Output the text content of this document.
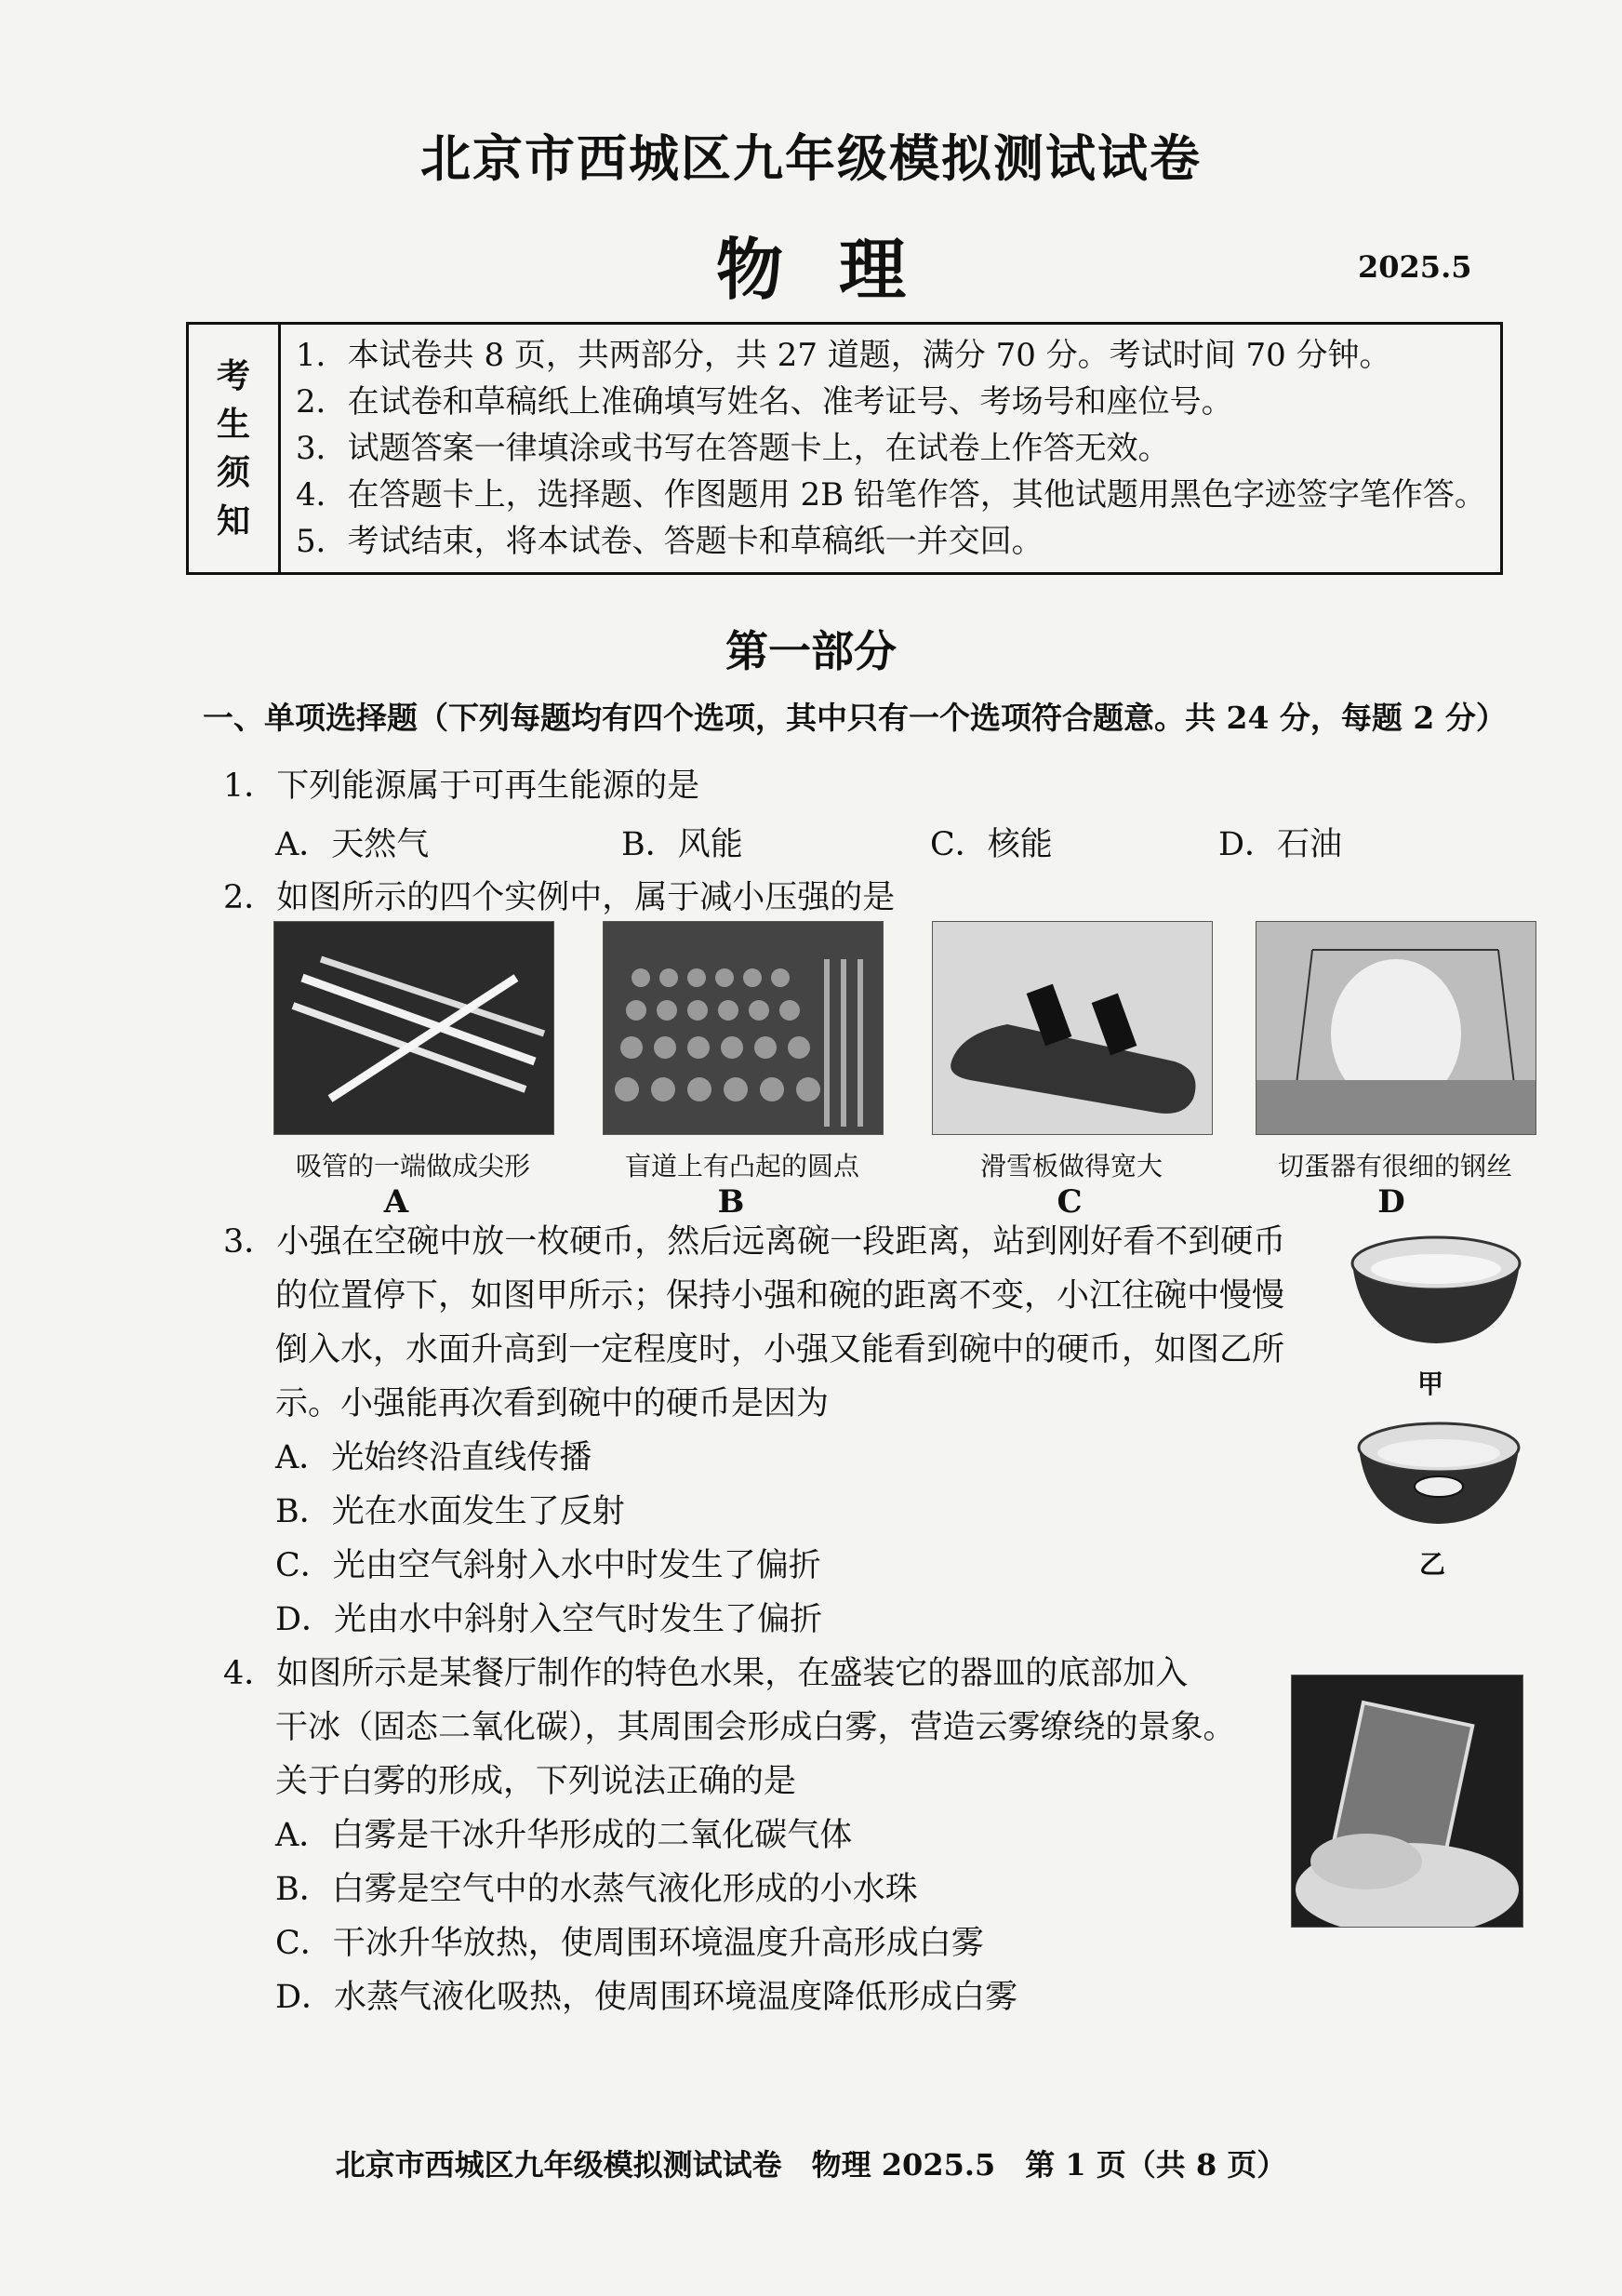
北京市西城区九年级模拟测试试卷
物理	2025.5
考
生
须
知
1．本试卷共 8 页，共两部分，共 27 道题，满分 70 分。考试时间 70 分钟。
2．在试卷和草稿纸上准确填写姓名、准考证号、考场号和座位号。
3．试题答案一律填涂或书写在答题卡上，在试卷上作答无效。
4．在答题卡上，选择题、作图题用 2B 铅笔作答，其他试题用黑色字迹签字笔作答。
5．考试结束，将本试卷、答题卡和草稿纸一并交回。
第一部分
一、单项选择题（下列每题均有四个选项，其中只有一个选项符合题意。共 24 分，每题 2 分）
1．下列能源属于可再生能源的是
A．天然气	B．风能	C．核能	D．石油
2．如图所示的四个实例中，属于减小压强的是
吸管的一端做成尖形	盲道上有凸起的圆点	滑雪板做得宽大	切蛋器有很细的钢丝
A	B	C	D
3．小强在空碗中放一枚硬币，然后远离碗一段距离，站到刚好看不到硬币
的位置停下，如图甲所示；保持小强和碗的距离不变，小江往碗中慢慢
倒入水，水面升高到一定程度时，小强又能看到碗中的硬币，如图乙所
示。小强能再次看到碗中的硬币是因为
A．光始终沿直线传播
B．光在水面发生了反射
C．光由空气斜射入水中时发生了偏折
D．光由水中斜射入空气时发生了偏折
甲
乙
4．如图所示是某餐厅制作的特色水果，在盛装它的器皿的底部加入
干冰（固态二氧化碳），其周围会形成白雾，营造云雾缭绕的景象。
关于白雾的形成，下列说法正确的是
A．白雾是干冰升华形成的二氧化碳气体
B．白雾是空气中的水蒸气液化形成的小水珠
C．干冰升华放热，使周围环境温度升高形成白雾
D．水蒸气液化吸热，使周围环境温度降低形成白雾
北京市西城区九年级模拟测试试卷　物理 2025.5　第 1 页（共 8 页）
